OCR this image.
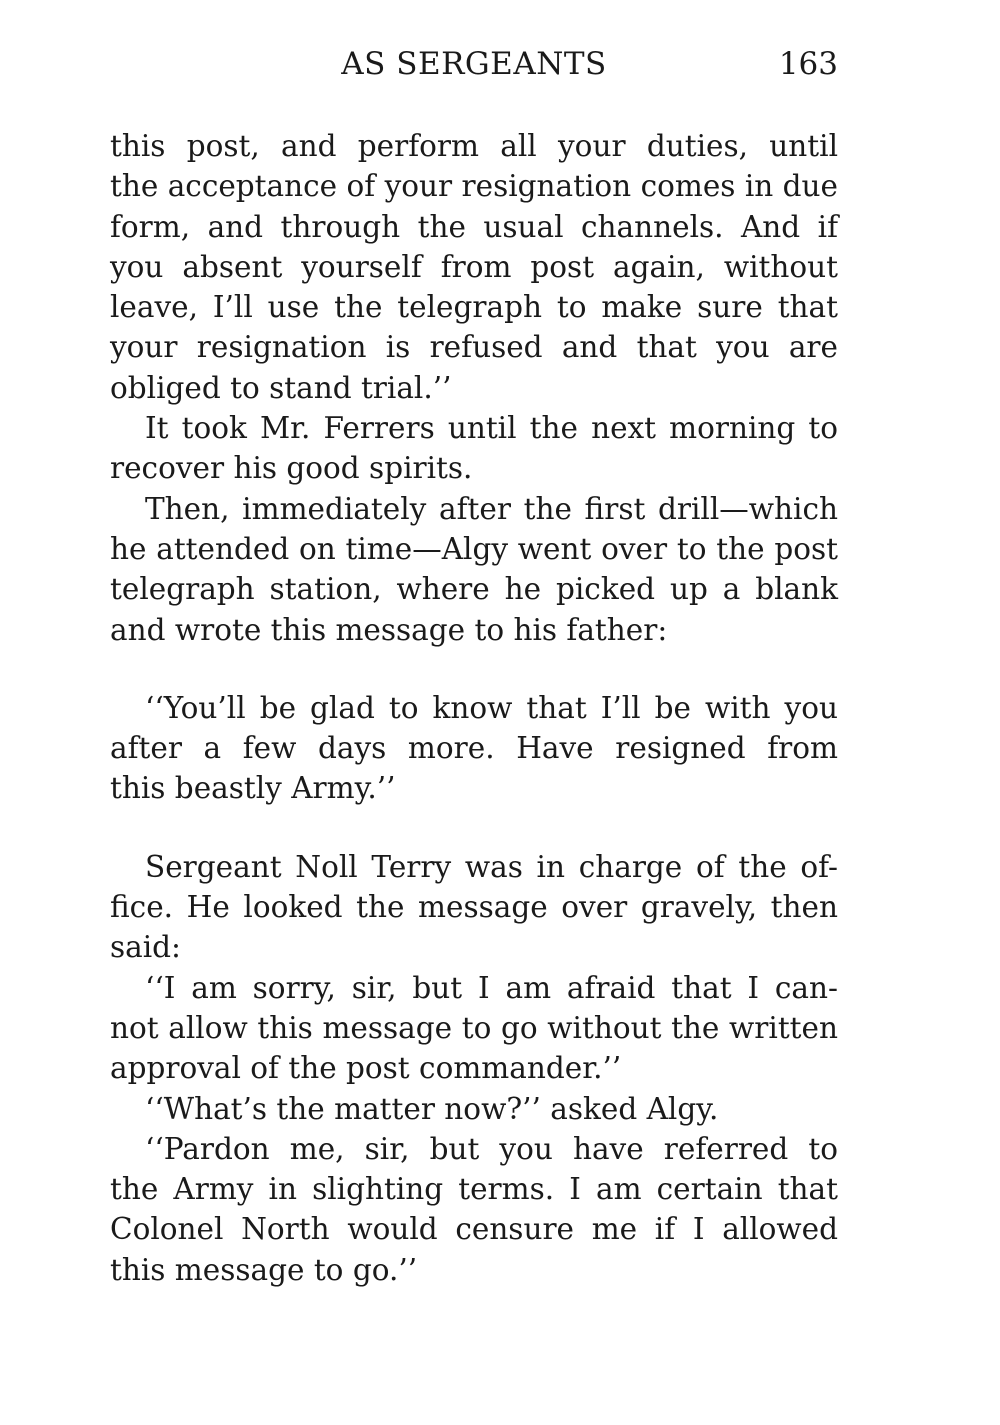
AS SERGEANTS	163
this post, and perform all your duties, until
the acceptance of your resignation comes in due
form, and through the usual channels. And if
you absent yourself from post again, without
leave, I’ll use the telegraph to make sure that
your resignation is refused and that you are
obliged to stand trial.’’
It took Mr. Ferrers until the next morning to
recover his good spirits.
Then, immediately after the first drill—which
he attended on time—Algy went over to the post
telegraph station, where he picked up a blank
and wrote this message to his father:
‘‘You’ll be glad to know that I’ll be with you
after a few days more. Have resigned from
this beastly Army.’’
Sergeant Noll Terry was in charge of the of-
fice. He looked the message over gravely, then
said:
‘‘I am sorry, sir, but I am afraid that I can-
not allow this message to go without the written
approval of the post commander.’’
‘‘What’s the matter now?’’ asked Algy.
‘‘Pardon me, sir, but you have referred to
the Army in slighting terms. I am certain that
Colonel North would censure me if I allowed
this message to go.’’
